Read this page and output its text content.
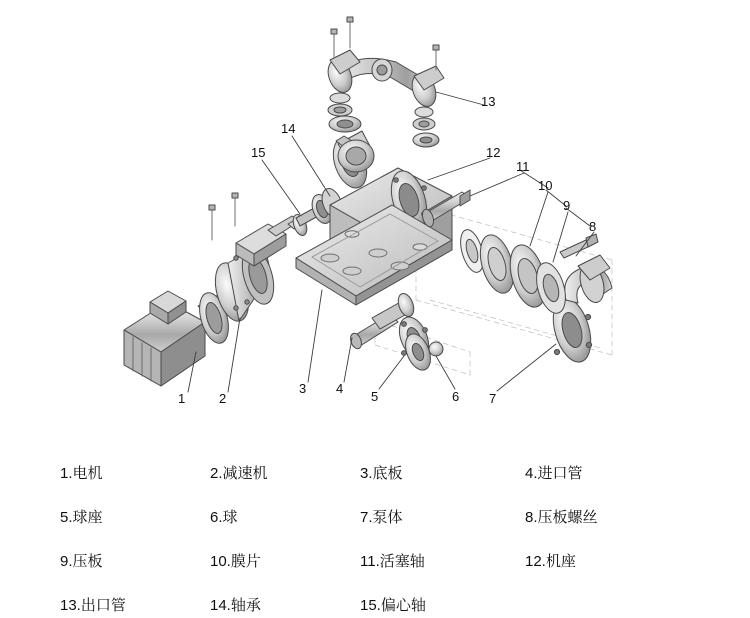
1	2
3 4
5	6 7
8
9
10
11
12
13
14
15
1.电机	2.减速机	3.底板	4.进口管
5.球座	6.球	7.泵体	8.压板螺丝
9.压板	10.膜片	11.活塞轴	12.机座
13.出口管	14.轴承	15.偏心轴
